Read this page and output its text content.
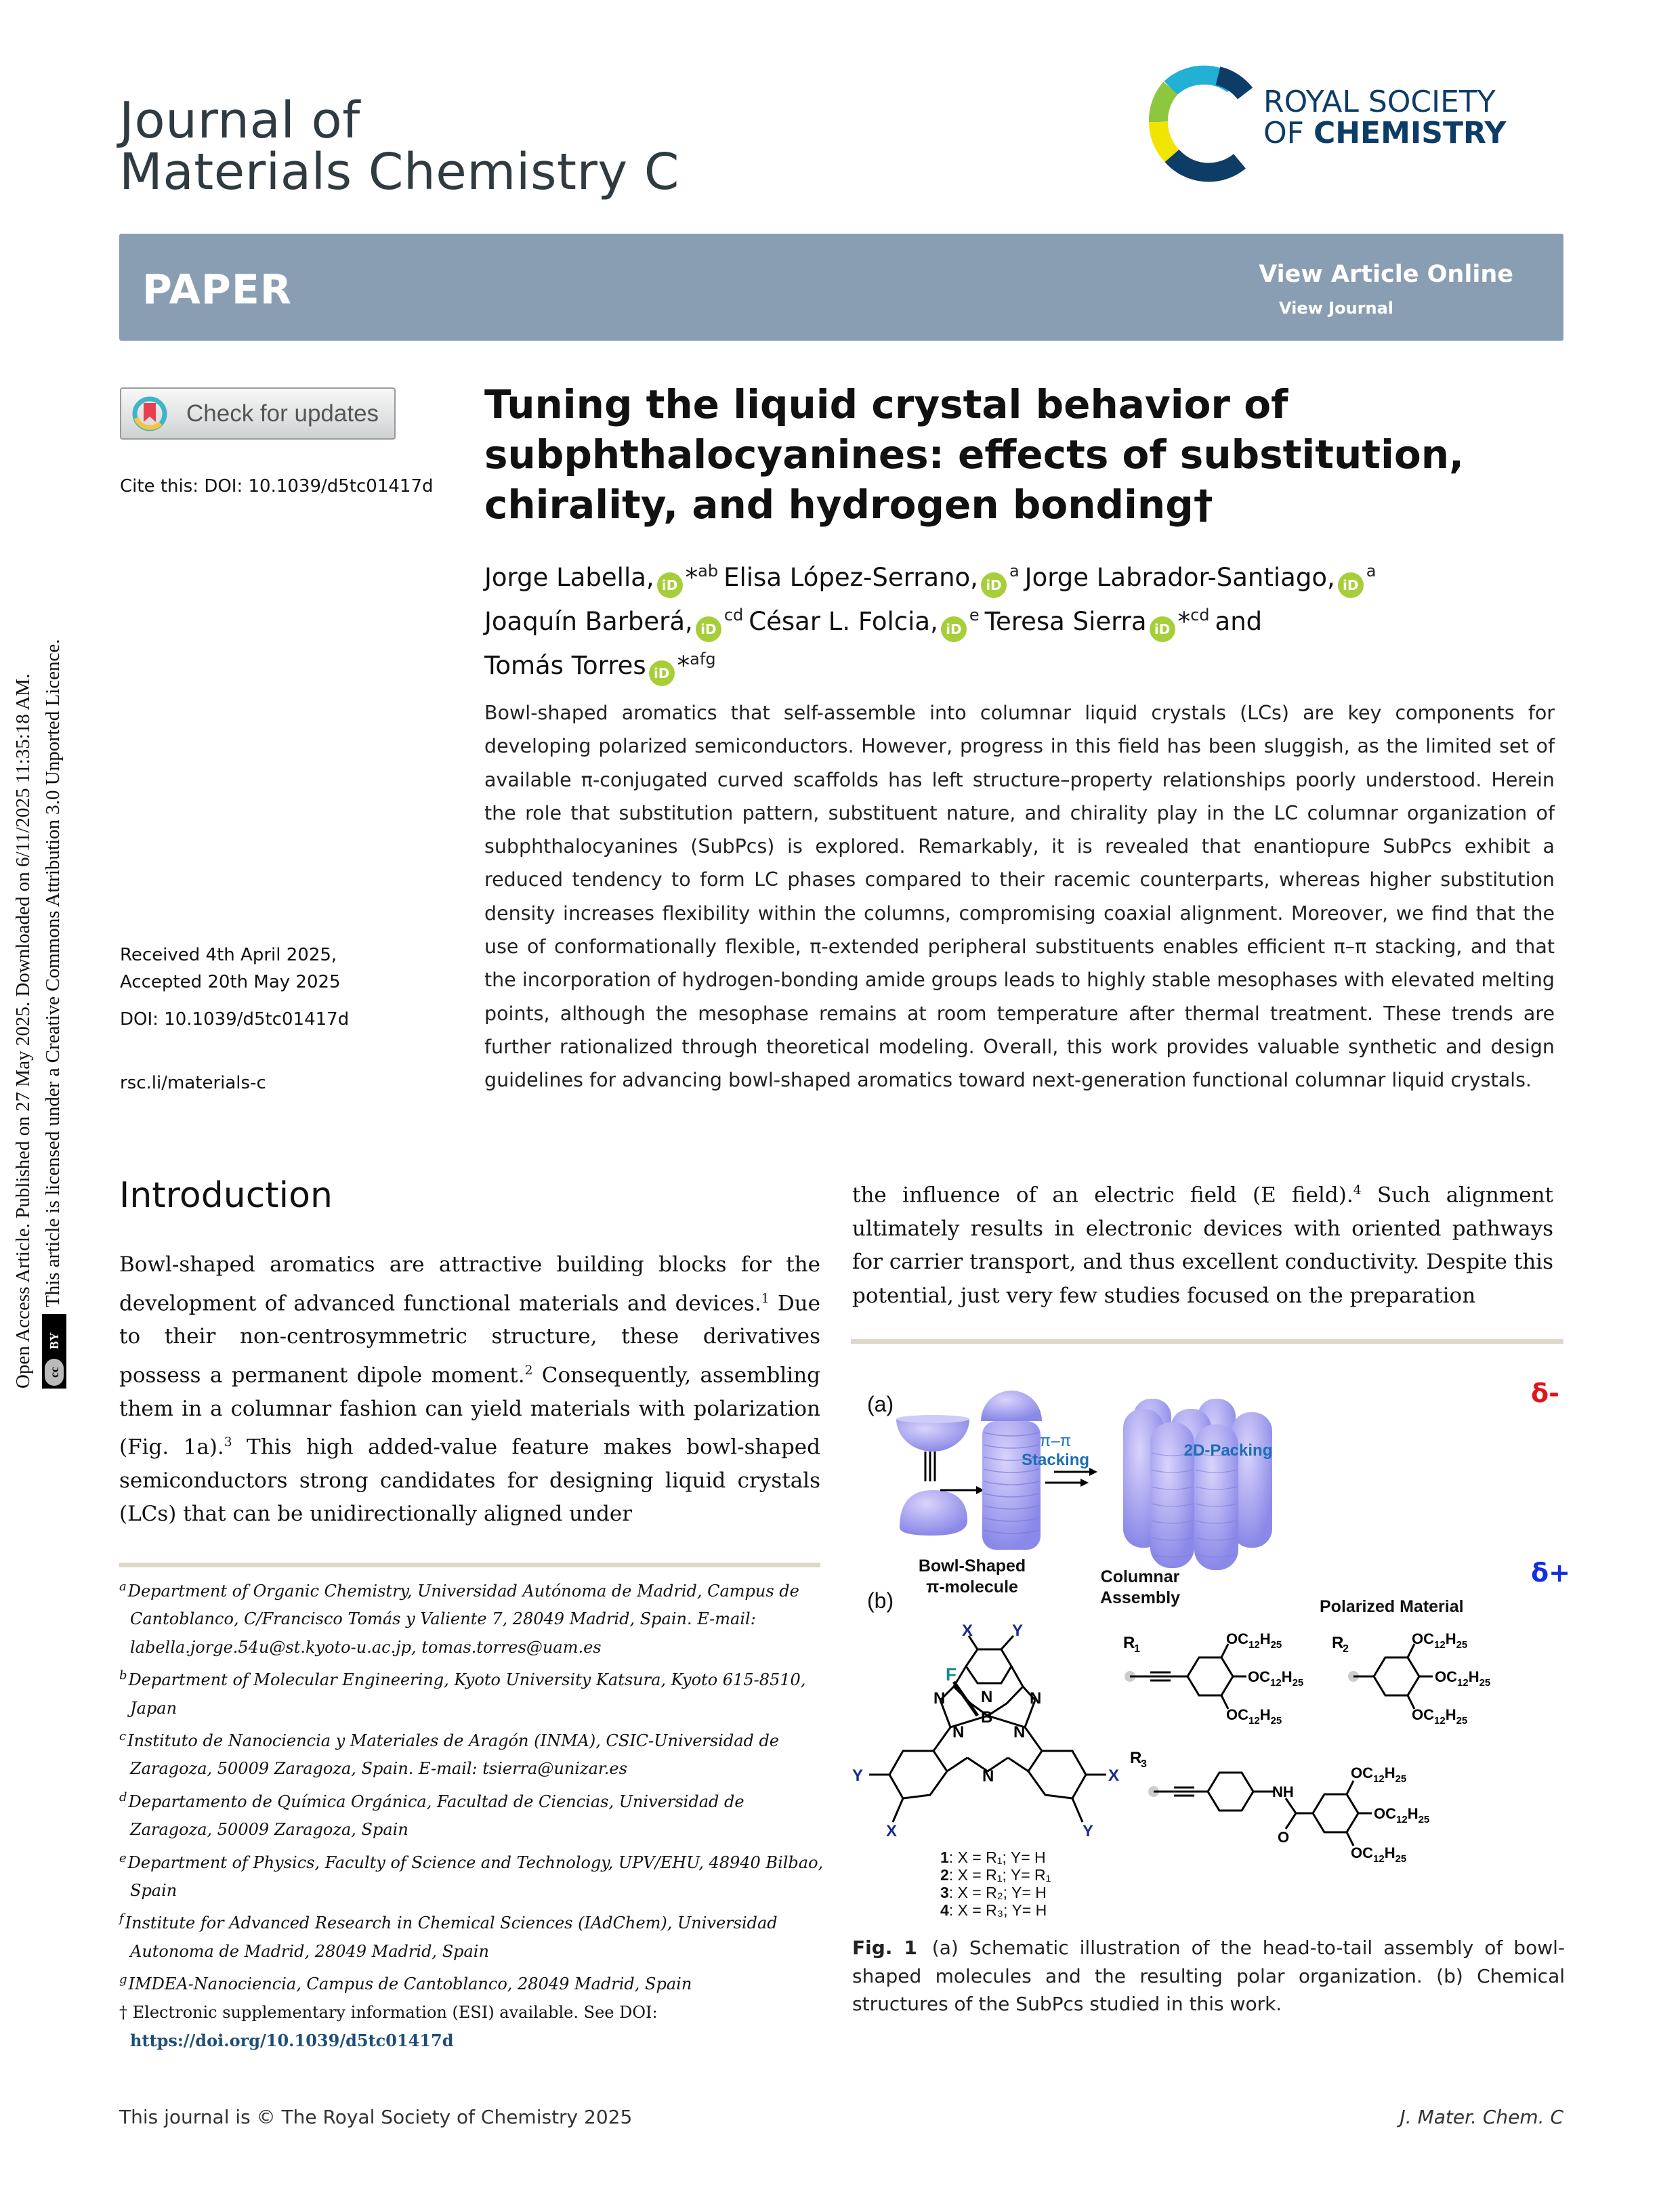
Open Access Article. Published on 27 May 2025. Downloaded on 6/11/2025 11:35:18 AM.	cc
BY
This article is licensed under a Creative Commons Attribution 3.0 Unported Licence.
Journal of
Materials Chemistry C
ROYAL SOCIETY
OF CHEMISTRY
PAPER	View Article Online
View Journal
Check for updates
Cite this: DOI: 10.1039/d5tc01417d
Received 4th April 2025,
Accepted 20th May 2025
DOI: 10.1039/d5tc01417d
rsc.li/materials-c
Tuning the liquid crystal behavior of subphthalocyanines: effects of substitution, chirality, and hydrogen bonding†
Jorge Labella, iD *$^{ab}$ Elisa López-Serrano, iD$^a$ Jorge Labrador-Santiago, iD$^a$
Joaquín Barberá, iD$^{cd}$ César L. Folcia, iD$^e$ Teresa Sierra iD *$^{cd}$ and
Tomás Torres iD *$^{afg}$
Bowl-shaped aromatics that self-assemble into columnar liquid crystals (LCs) are key components for developing polarized semiconductors. However, progress in this field has been sluggish, as the limited set of available π-conjugated curved scaffolds has left structure–property relationships poorly understood. Herein the role that substitution pattern, substituent nature, and chirality play in the LC columnar organization of subphthalocyanines (SubPcs) is explored. Remarkably, it is revealed that enantiopure SubPcs exhibit a reduced tendency to form LC phases compared to their racemic counterparts, whereas higher substitution density increases flexibility within the columns, compromising coaxial alignment. Moreover, we find that the use of conformationally flexible, π-extended peripheral substituents enables efficient π–π stacking, and that the incorporation of hydrogen-bonding amide groups leads to highly stable mesophases with elevated melting points, although the mesophase remains at room temperature after thermal treatment. These trends are further rationalized through theoretical modeling. Overall, this work provides valuable synthetic and design guidelines for advancing bowl-shaped aromatics toward next-generation functional columnar liquid crystals.
Introduction
Bowl-shaped aromatics are attractive building blocks for the development of advanced functional materials and devices.$^1$ Due to their non-centrosymmetric structure, these derivatives possess a permanent dipole moment.$^2$ Consequently, assembling them in a columnar fashion can yield materials with polarization (Fig. 1a).$^3$ This high added-value feature makes bowl-shaped semiconductors strong candidates for designing liquid crystals (LCs) that can be unidirectionally aligned under
the influence of an electric field (E field).$^4$ Such alignment ultimately results in electronic devices with oriented pathways for carrier transport, and thus excellent conductivity. Despite this potential, just very few studies focused on the preparation
$^a$Department of Organic Chemistry, Universidad Autónoma de Madrid, Campus de Cantoblanco, C/Francisco Tomás y Valiente 7, 28049 Madrid, Spain. E-mail: labella.jorge.54u@st.kyoto-u.ac.jp, tomas.torres@uam.es
$^b$Department of Molecular Engineering, Kyoto University Katsura, Kyoto 615-8510, Japan
$^c$Instituto de Nanociencia y Materiales de Aragón (INMA), CSIC-Universidad de Zaragoza, 50009 Zaragoza, Spain. E-mail: tsierra@unizar.es
$^d$Departamento de Química Orgánica, Facultad de Ciencias, Universidad de Zaragoza, 50009 Zaragoza, Spain
$^e$Department of Physics, Faculty of Science and Technology, UPV/EHU, 48940 Bilbao, Spain
$^f$Institute for Advanced Research in Chemical Sciences (IAdChem), Universidad Autonoma de Madrid, 28049 Madrid, Spain
$^g$IMDEA-Nanociencia, Campus de Cantoblanco, 28049 Madrid, Spain
† Electronic supplementary information (ESI) available. See DOI: https://doi.org/10.1039/d5tc01417d
(a)
Bowl-Shaped
π-molecule
π–π
Stacking
2D-Packing
Columnar
Assembly	Polarized Material
δ-
δ+
(b)
X Y
F
N N N
B
N	N
N
Y
X
X
Y
R
1	R
2
R
3
$OC_{12}H_{25}$
$OC_{12}H_{25}$
$OC_{12}H_{25}$
$OC_{12}H_{25}$
$OC_{12}H_{25}$
$OC_{12}H_{25}$
$OC_{12}H_{25}$
$OC_{12}H_{25}$
$OC_{12}H_{25}$
NH
O
1: X = R₁; Y= H
2: X = R₁; Y= R₁
3: X = R₂; Y= H
4: X = R₃; Y= H
Fig. 1 (a) Schematic illustration of the head-to-tail assembly of bowl-shaped molecules and the resulting polar organization. (b) Chemical structures of the SubPcs studied in this work.
This journal is © The Royal Society of Chemistry 2025	J. Mater. Chem. C
